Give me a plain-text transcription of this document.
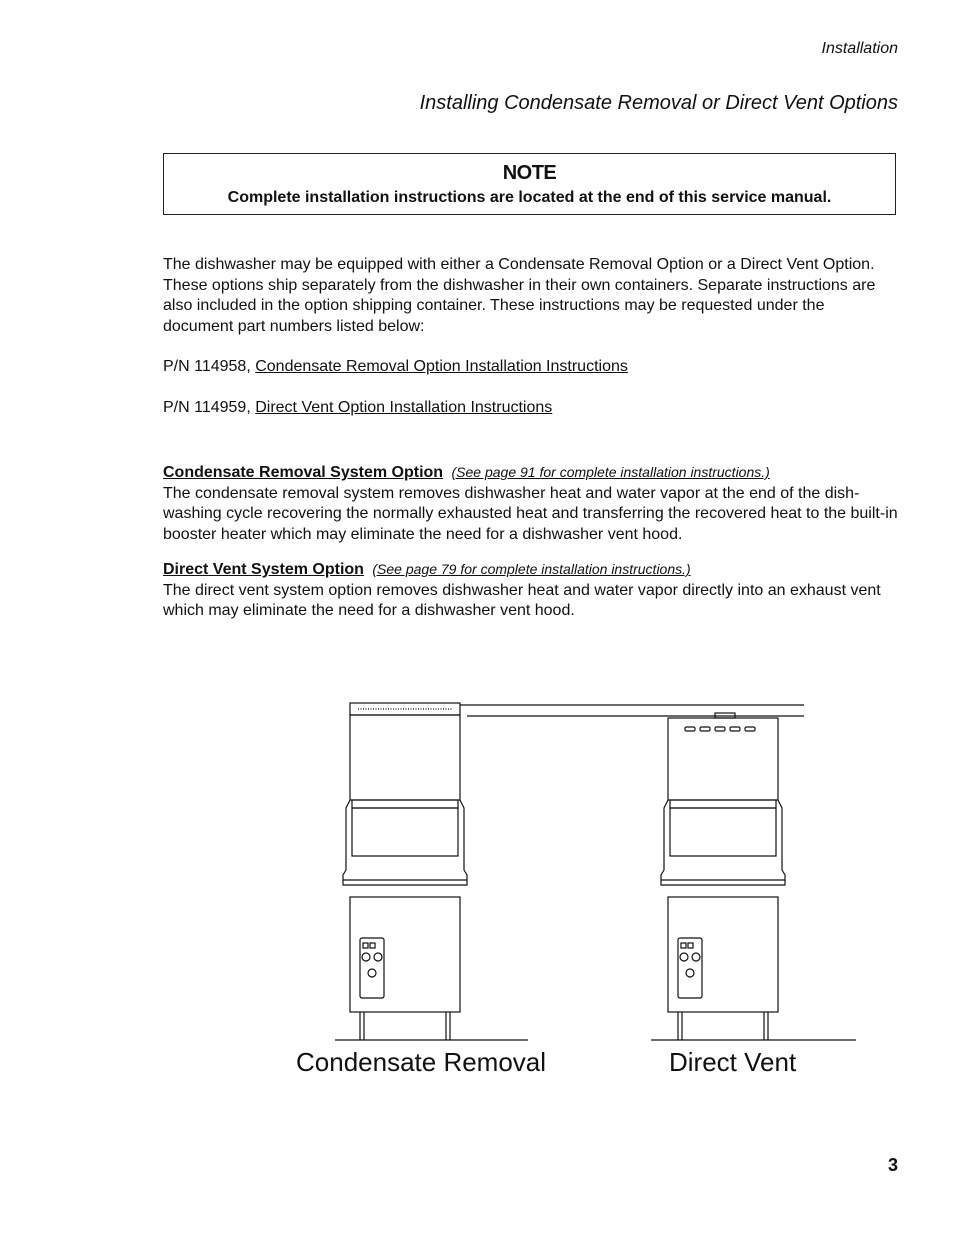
Installation
Installing Condensate Removal or Direct Vent Options
NOTE
Complete installation instructions are located at the end of this service manual.
The dishwasher may be equipped with either a Condensate Removal Option or a Direct Vent Option. These options ship separately from the dishwasher in their own containers. Separate instructions are also included in the option shipping container. These instructions may be requested under the document part numbers listed below:
P/N 114958, Condensate Removal Option Installation Instructions
P/N 114959, Direct Vent Option Installation Instructions
Condensate Removal System Option (See page 91 for complete installation instructions.)
The condensate removal system removes dishwasher heat and water vapor at the end of the dish-washing cycle recovering the normally exhausted heat and transferring the recovered heat to the built-in booster heater which may eliminate the need for a dishwasher vent hood.
Direct Vent System Option (See page 79 for complete installation instructions.)
The direct vent system option removes dishwasher heat and water vapor directly into an exhaust vent which may eliminate the need for a dishwasher vent hood.
Condensate Removal	Direct Vent
3
